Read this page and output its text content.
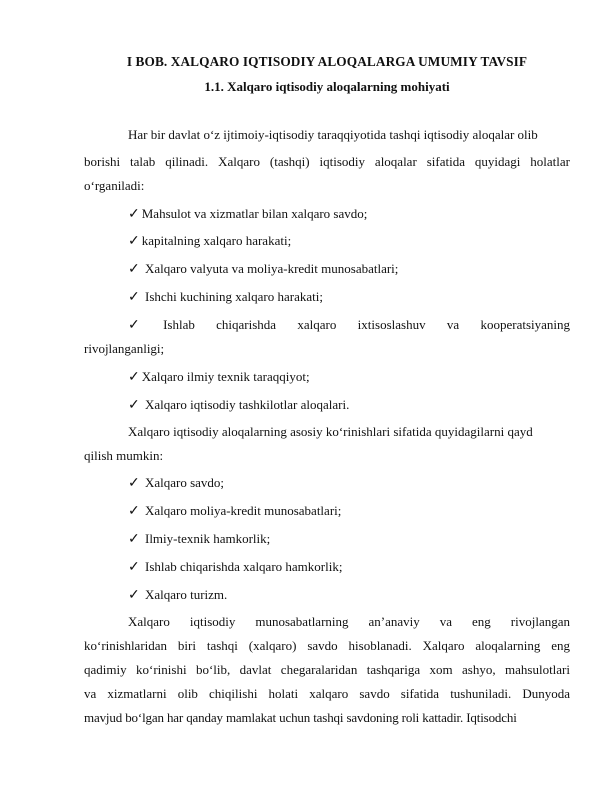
I BOB. XALQARO IQTISODIY ALOQALARGA UMUMIY TAVSIF
1.1. Xalqaro iqtisodiy aloqalarning mohiyati
Har bir davlat o‘z ijtimoiy-iqtisodiy taraqqiyotida tashqi iqtisodiy aloqalar olib
borishi talab qilinadi. Xalqaro (tashqi) iqtisodiy aloqalar sifatida quyidagi holatlar
o‘rganiladi:
✓ Mahsulot va xizmatlar bilan xalqaro savdo;
✓ kapitalning xalqaro harakati;
✓ Xalqaro valyuta va moliya-kredit munosabatlari;
✓ Ishchi kuchining xalqaro harakati;
✓ Ishlab chiqarishda xalqaro ixtisoslashuv va kooperatsiyaning
rivojlanganligi;
✓ Xalqaro ilmiy texnik taraqqiyot;
✓ Xalqaro iqtisodiy tashkilotlar aloqalari.
Xalqaro iqtisodiy aloqalarning asosiy ko‘rinishlari sifatida quyidagilarni qayd
qilish mumkin:
✓ Xalqaro savdo;
✓ Xalqaro moliya-kredit munosabatlari;
✓ Ilmiy-texnik hamkorlik;
✓ Ishlab chiqarishda xalqaro hamkorlik;
✓ Xalqaro turizm.
Xalqaro iqtisodiy munosabatlarning an’anaviy va eng rivojlangan
ko‘rinishlaridan biri tashqi (xalqaro) savdo hisoblanadi. Xalqaro aloqalarning eng
qadimiy ko‘rinishi bo‘lib, davlat chegaralaridan tashqariga xom ashyo, mahsulotlari
va xizmatlarni olib chiqilishi holati xalqaro savdo sifatida tushuniladi. Dunyoda
mavjud bo‘lgan har qanday mamlakat uchun tashqi savdoning roli kattadir. Iqtisodchi
